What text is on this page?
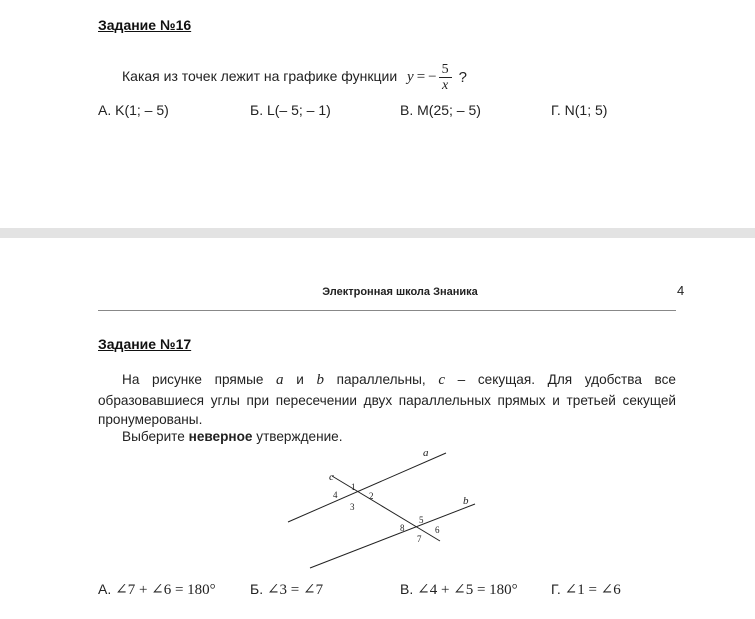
Задание №16
Какая из точек лежит на графике функции y = − $\frac{5}{x}$ ?
А. K(1; – 5)	Б. L(– 5; – 1)	В. M(25; – 5)	Г. N(1; 5)
Электронная школа Знаника	4
Задание №17
На рисунке прямые a и b параллельны, c – секущая. Для удобства все образовавшиеся углы при пересечении двух параллельных прямых и третьей секущей пронумерованы.
Выберите неверное утверждение.
a
b
c
1
2
3
4
5
6
7
8
А. ∠7 + ∠6 = 180° Б. ∠3 = ∠7	В. ∠4 + ∠5 = 180° Г. ∠1 = ∠6
